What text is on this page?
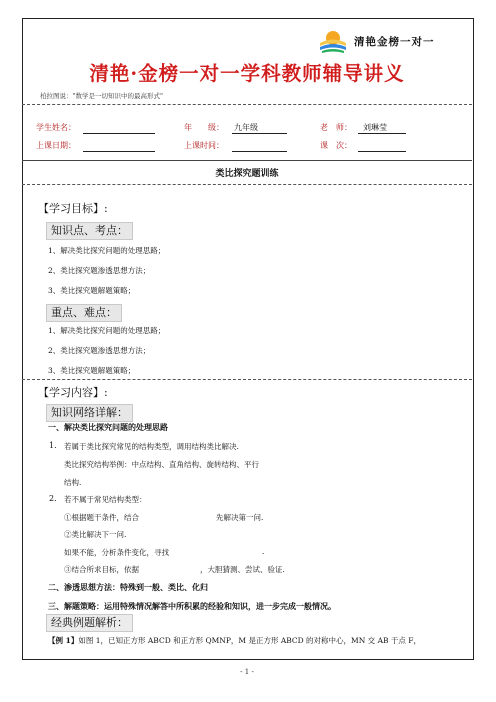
清艳金榜一对一
清艳·金榜一对一学科教师辅导讲义
柏拉图说："数学是一切知识中的最高形式"
学生姓名：	年　　级： 九年级	老　师： 刘琳莹
上课日期：	上课时间：	课　次：
类比探究题训练
【学习目标】:
知识点、考点：
1、解决类比探究问题的处理思路；
2、类比探究题渗透思想方法；
3、类比探究题解题策略；
重点、难点：
1、解决类比探究问题的处理思路；
2、类比探究题渗透思想方法；
3、类比探究题解题策略；
【学习内容】:
知识网络详解：
一、解决类比探究问题的处理思路
1. 若属于类比探究常见的结构类型，调用结构类比解决.
类比探究结构举例：中点结构、直角结构、旋转结构、平行
结构.
2. 若不属于常见结构类型：
①根据题干条件，结合	先解决第一问.
②类比解决下一问.
如果不能，分析条件变化，寻找	.
③结合所求目标，依据	，大胆猜测、尝试、验证.
二、渗透思想方法：特殊到一般、类比、化归
三、解题策略：运用特殊情况解答中所积累的经验和知识，进一步完成一般情况。
经典例题解析：
【例 1】如图 1，已知正方形 ABCD 和正方形 QMNP，M 是正方形 ABCD 的对称中心，MN 交 AB 于点 F，
- 1 -
